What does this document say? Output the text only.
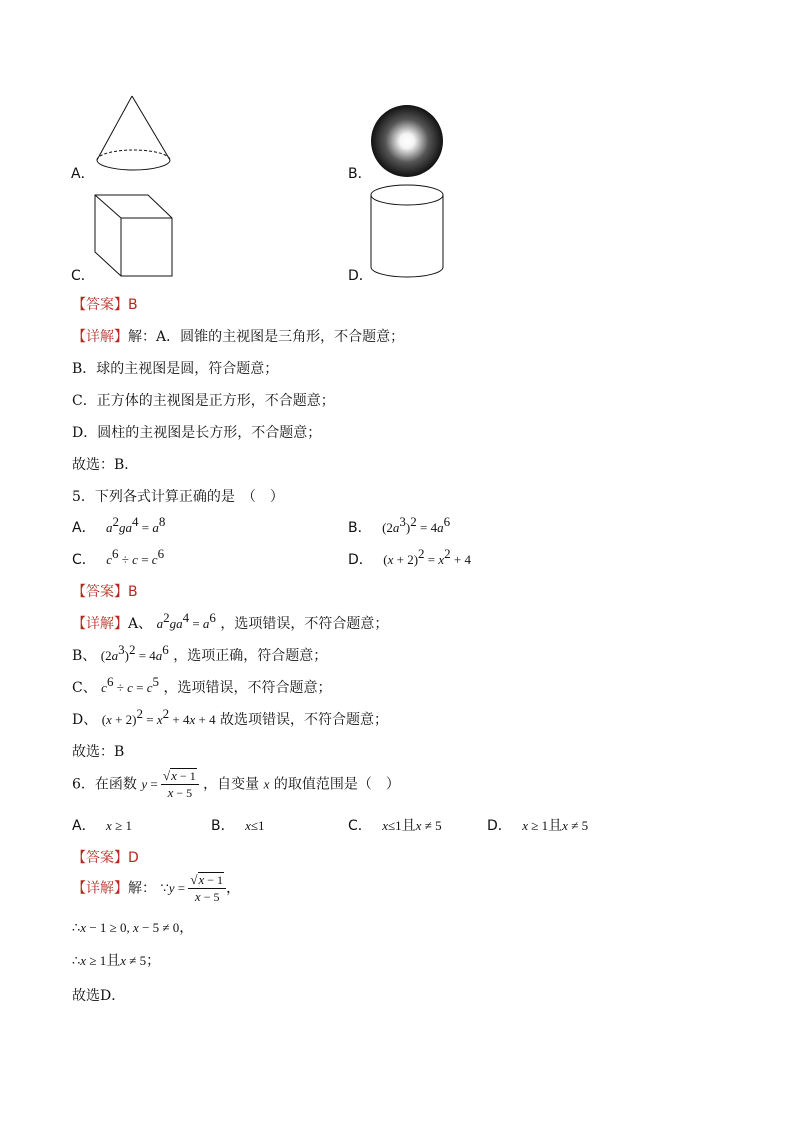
A．	B．
C．	D．
【答案】B
【详解】解：A．圆锥的主视图是三角形，不合题意；
B．球的主视图是圆，符合题意；
C．正方体的主视图是正方形，不合题意；
D．圆柱的主视图是长方形，不合题意；
故选：B．
5．下列各式计算正确的是　（　）
A． $a^2ga^4 = a^8$	B． $(2a^3)^2 = 4a^6$
C． $c^6 \div c = c^6$	D． $(x + 2)^2 = x^2 + 4$
【答案】B
【详解】A、 $a^2ga^4 = a^6$ ，选项错误，不符合题意；
B、 $(2a^3)^2 = 4a^6$ ，选项正确，符合题意；
C、 $c^6 \div c = c^5$ ，选项错误，不符合题意；
D、 $(x + 2)^2 = x^2 + 4x + 4$ 故选项错误，不符合题意；
故选：B
6．在函数 $y = \frac{√x - 1}{x - 5}$ ，自变量 x 的取值范围是（　）
A． x ≥ 1	B． x≤1	C． x≤1且x ≠ 5	D． x ≥ 1且x ≠ 5
【答案】D
【详解】解： ∵y = $\frac{√x - 1}{x - 5}$ ，
∴x − 1 ≥ 0, x − 5 ≠ 0，
∴x ≥ 1且x ≠ 5；
故选D．
